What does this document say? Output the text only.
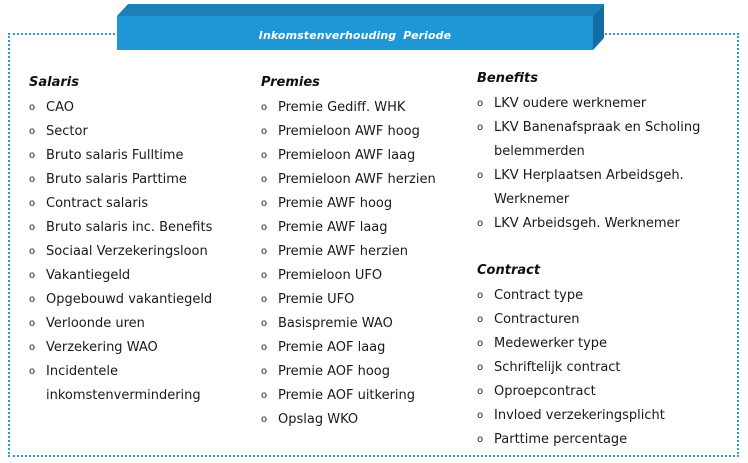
Inkomstenverhouding Periode
Salaris
o CAO
o Sector
o Bruto salaris Fulltime
o Bruto salaris Parttime
o Contract salaris
o Bruto salaris inc. Benefits
o Sociaal Verzekeringsloon
o Vakantiegeld
o Opgebouwd vakantiegeld
o Verloonde uren
o Verzekering WAO
o Incidentele inkomstenvermindering
Premies
o Premie Gediff. WHK
o Premieloon AWF hoog
o Premieloon AWF laag
o Premieloon AWF herzien
o Premie AWF hoog
o Premie AWF laag
o Premie AWF herzien
o Premieloon UFO
o Premie UFO
o Basispremie WAO
o Premie AOF laag
o Premie AOF hoog
o Premie AOF uitkering
o Opslag WKO
Benefits
o LKV oudere werknemer
o LKV Banenafspraak en Scholing belemmerden
o LKV Herplaatsen Arbeidsgeh. Werknemer
o LKV Arbeidsgeh. Werknemer
Contract
o Contract type
o Contracturen
o Medewerker type
o Schriftelijk contract
o Oproepcontract
o Invloed verzekeringsplicht
o Parttime percentage
